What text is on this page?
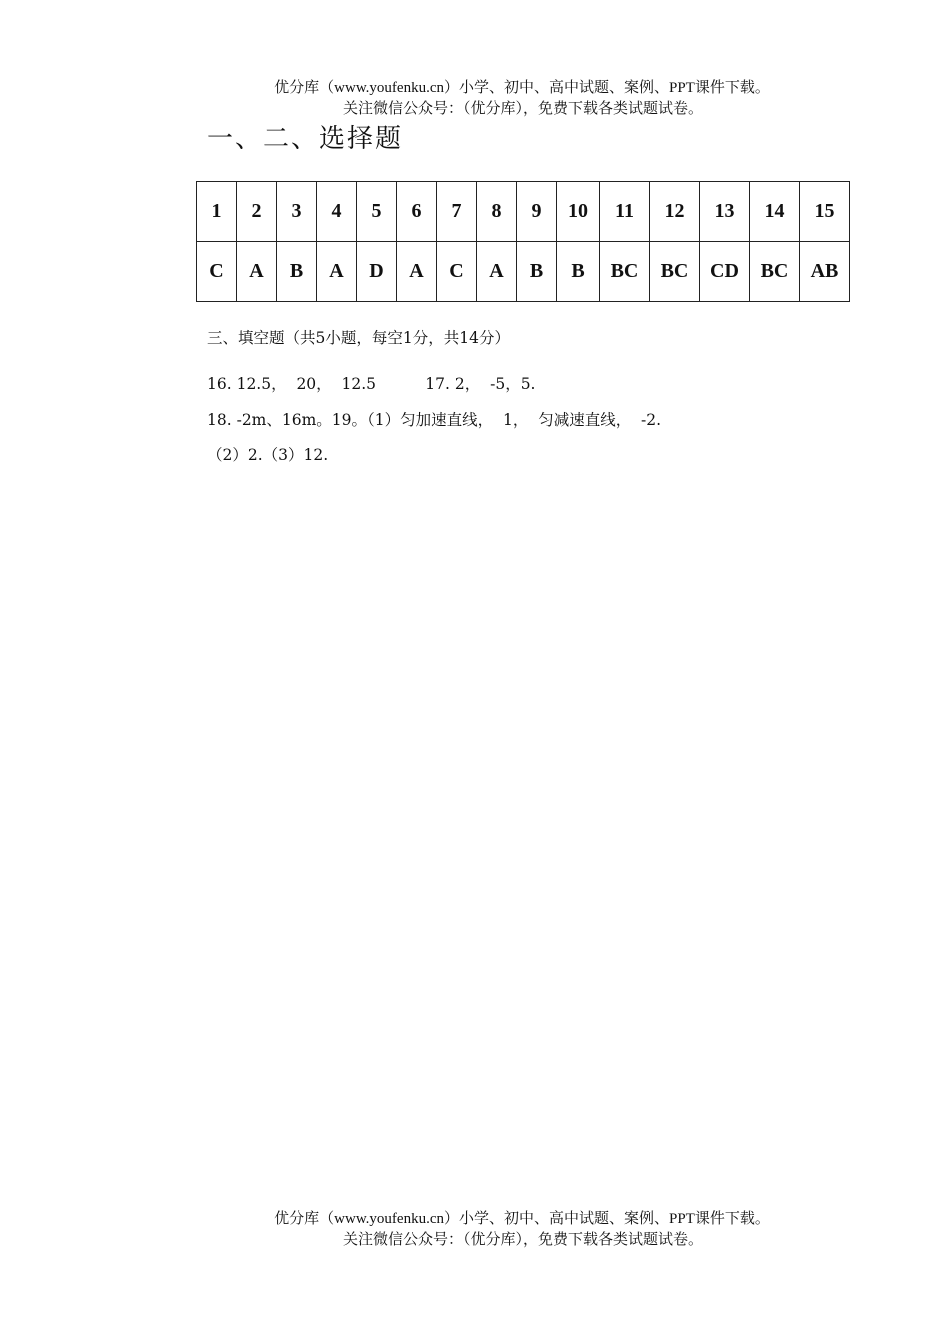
优分库（www.youfenku.cn）小学、初中、高中试题、案例、PPT课件下载。
关注微信公众号：（优分库），免费下载各类试题试卷。
一、二、选择题
1	2	3	4	5	6	7	8	9	10	11	12	13	14	15
C	A	B	A	D	A	C	A	B	B	BC	BC	CD	BC	AB
三、填空题（共5小题，每空1分，共14分）
16. 12.5，  20，  12.5          17. 2，  -5，5.
18. -2m、16m。19。（1）匀加速直线，  1，  匀减速直线，  -2.
（2）2.（3）12.
优分库（www.youfenku.cn）小学、初中、高中试题、案例、PPT课件下载。
关注微信公众号：（优分库），免费下载各类试题试卷。
